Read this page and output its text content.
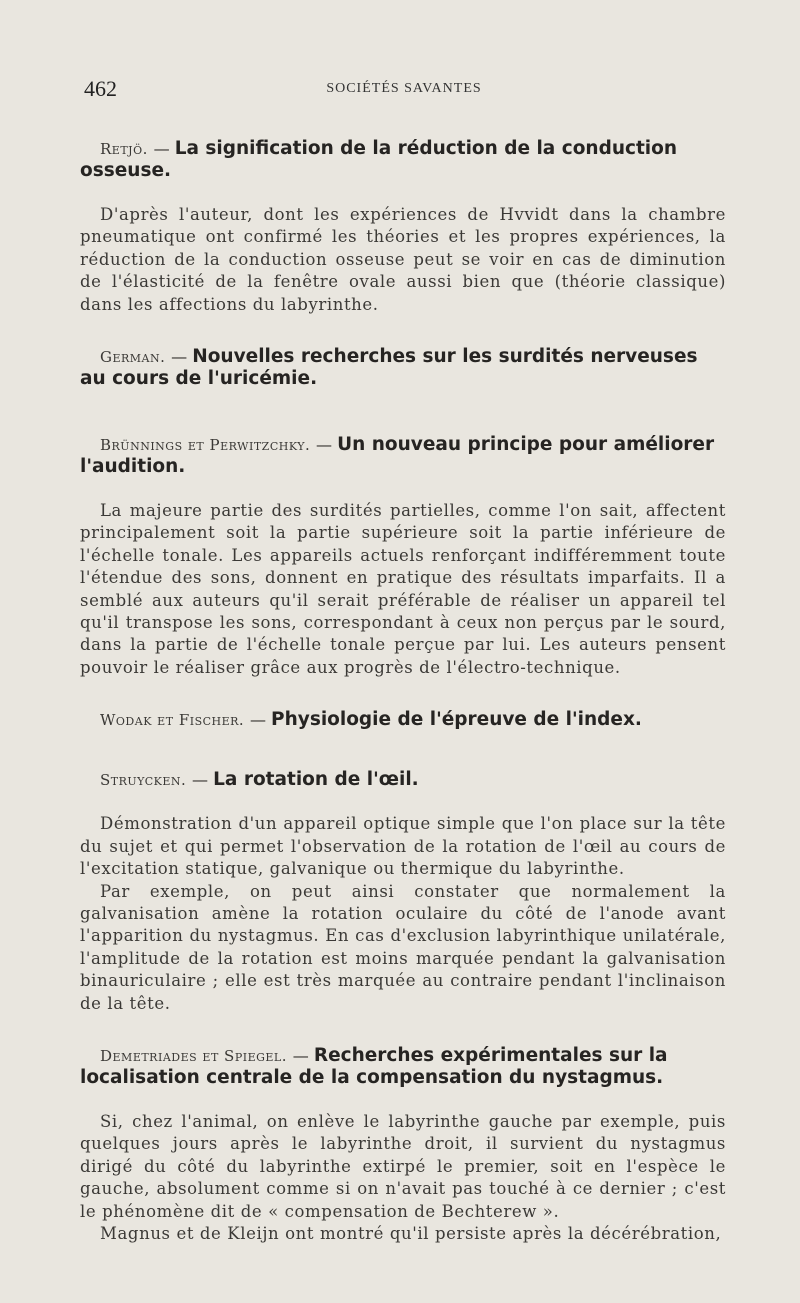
462	SOCIÉTÉS SAVANTES

Retjö. — La signification de la réduction de la conduction osseuse.

D'après l'auteur, dont les expériences de Hvvidt dans la chambre pneumatique ont confirmé les théories et les propres expériences, la réduction de la conduction osseuse peut se voir en cas de diminution de l'élasticité de la fenêtre ovale aussi bien que (théorie classique) dans les affections du labyrinthe.

German. — Nouvelles recherches sur les surdités nerveuses au cours de l'uricémie.

Brünnings et Perwitzchky. — Un nouveau principe pour améliorer l'audition.

La majeure partie des surdités partielles, comme l'on sait, affectent principalement soit la partie supérieure soit la partie inférieure de l'échelle tonale. Les appareils actuels renforçant indifféremment toute l'étendue des sons, donnent en pratique des résultats imparfaits. Il a semblé aux auteurs qu'il serait préférable de réaliser un appareil tel qu'il transpose les sons, correspondant à ceux non perçus par le sourd, dans la partie de l'échelle tonale perçue par lui. Les auteurs pensent pouvoir le réaliser grâce aux progrès de l'électro-technique.

Wodak et Fischer. — Physiologie de l'épreuve de l'index.

Struycken. — La rotation de l'œil.

Démonstration d'un appareil optique simple que l'on place sur la tête du sujet et qui permet l'observation de la rotation de l'œil au cours de l'excitation statique, galvanique ou thermique du labyrinthe.

Par exemple, on peut ainsi constater que normalement la galvanisation amène la rotation oculaire du côté de l'anode avant l'apparition du nystagmus. En cas d'exclusion labyrinthique unilatérale, l'amplitude de la rotation est moins marquée pendant la galvanisation binauriculaire ; elle est très marquée au contraire pendant l'inclinaison de la tête.

Demetriades et Spiegel. — Recherches expérimentales sur la localisation centrale de la compensation du nystagmus.

Si, chez l'animal, on enlève le labyrinthe gauche par exemple, puis quelques jours après le labyrinthe droit, il survient du nystagmus dirigé du côté du labyrinthe extirpé le premier, soit en l'espèce le gauche, absolument comme si on n'avait pas touché à ce dernier ; c'est le phénomène dit de « compensation de Bechterew ».

Magnus et de Kleijn ont montré qu'il persiste après la décérébration,
